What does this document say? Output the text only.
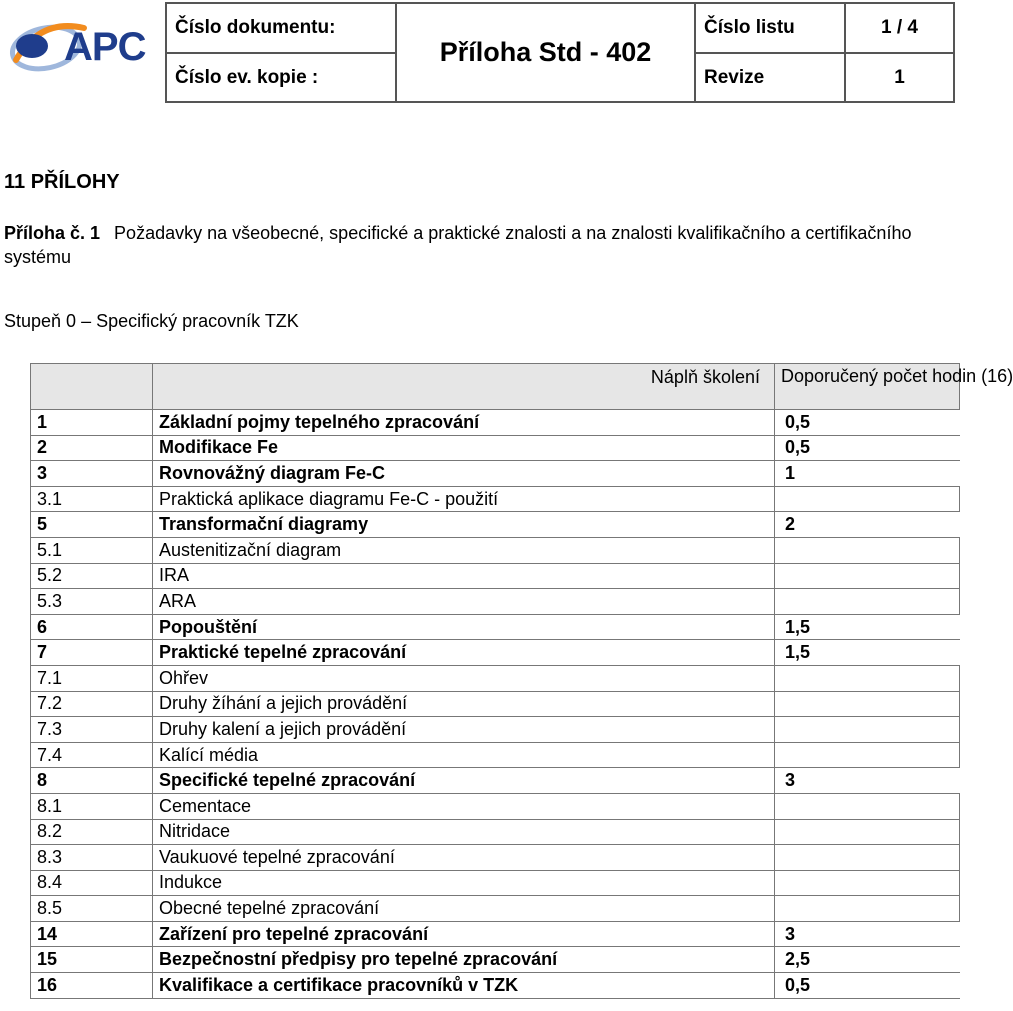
APC Číslo dokumentu:	Příloha Std - 402	Číslo listu	1 / 4
Číslo ev. kopie :		Revize	1
11 PŘÍLOHY
Příloha č. 1 Požadavky na všeobecné, specifické a praktické znalosti a na znalosti kvalifikačního a certifikačního systému
Stupeň 0 – Specifický pracovník TZK
	Náplň školení	Doporučený počet hodin (16)
1	Základní pojmy tepelného zpracování	0,5
2	Modifikace Fe	0,5
3	Rovnovážný diagram Fe-C	1
3.1	Praktická aplikace diagramu Fe-C - použití	
5	Transformační diagramy	2
5.1	Austenitizační diagram	
5.2	IRA	
5.3	ARA	
6	Popouštění	1,5
7	Praktické tepelné zpracování	1,5
7.1	Ohřev	
7.2	Druhy žíhání a jejich provádění	
7.3	Druhy kalení a jejich provádění	
7.4	Kalící média	
8	Specifické tepelné zpracování	3
8.1	Cementace	
8.2	Nitridace	
8.3	Vaukuové tepelné zpracování	
8.4	Indukce	
8.5	Obecné tepelné zpracování	
14	Zařízení pro tepelné zpracování	3
15	Bezpečnostní předpisy pro tepelné zpracování	2,5
16	Kvalifikace a certifikace pracovníků v TZK	0,5
